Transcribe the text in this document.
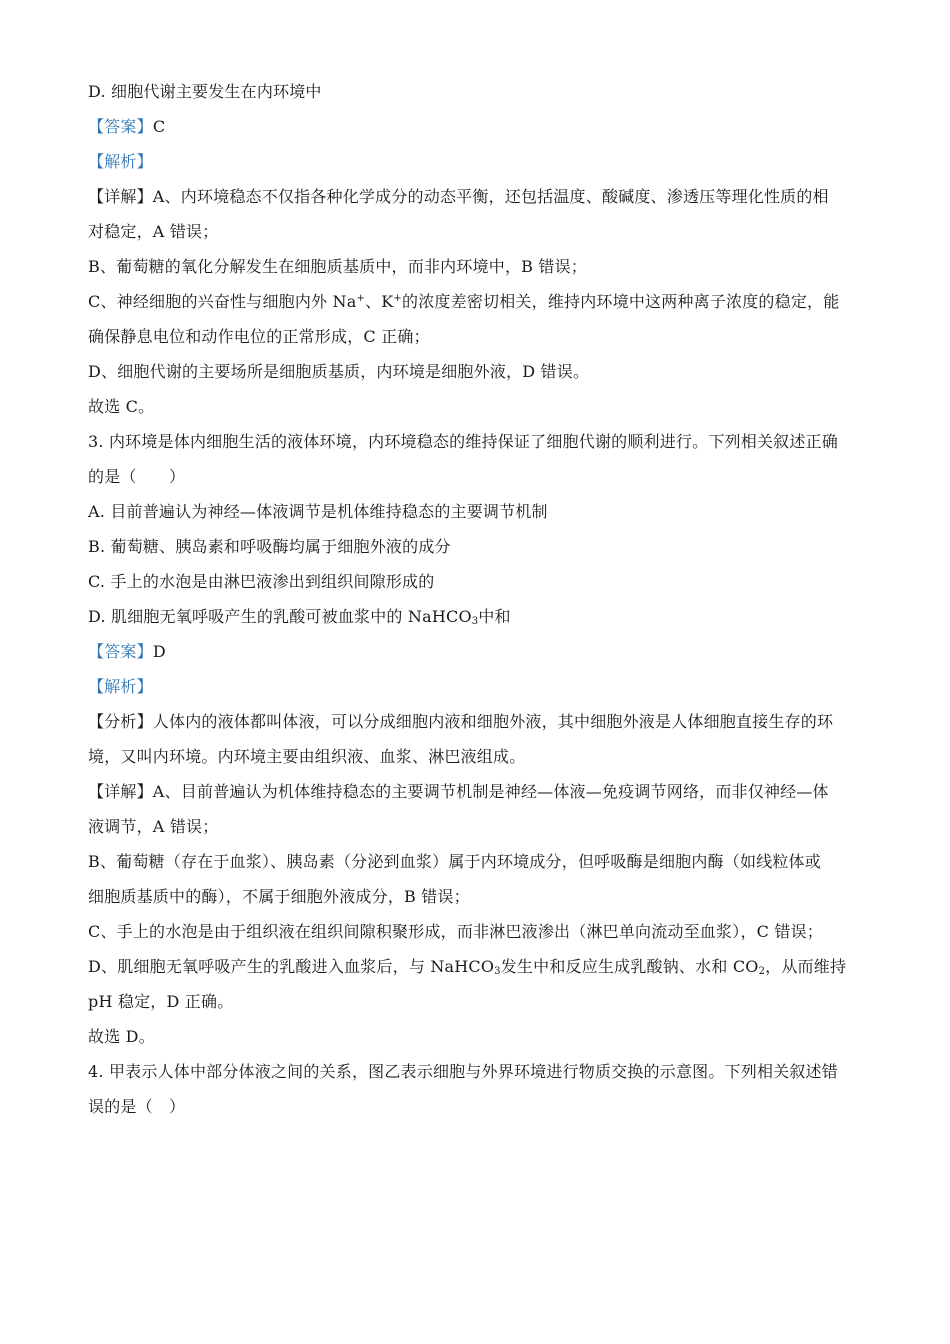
D. 细胞代谢主要发生在内环境中
【答案】C
【解析】
【详解】A、内环境稳态不仅指各种化学成分的动态平衡，还包括温度、酸碱度、渗透压等理化性质的相
对稳定，A 错误；
B、葡萄糖的氧化分解发生在细胞质基质中，而非内环境中，B 错误；
C、神经细胞的兴奋性与细胞内外 Na+、K+的浓度差密切相关，维持内环境中这两种离子浓度的稳定，能
确保静息电位和动作电位的正常形成，C 正确；
D、细胞代谢的主要场所是细胞质基质，内环境是细胞外液，D 错误。
故选 C。
3. 内环境是体内细胞生活的液体环境，内环境稳态的维持保证了细胞代谢的顺利进行。下列相关叙述正确
的是（　　）
A. 目前普遍认为神经—体液调节是机体维持稳态的主要调节机制
B. 葡萄糖、胰岛素和呼吸酶均属于细胞外液的成分
C. 手上的水泡是由淋巴液渗出到组织间隙形成的
D. 肌细胞无氧呼吸产生的乳酸可被血浆中的 NaHCO$_3$中和
【答案】D
【解析】
【分析】人体内的液体都叫体液，可以分成细胞内液和细胞外液，其中细胞外液是人体细胞直接生存的环
境，又叫内环境。内环境主要由组织液、血浆、淋巴液组成。
【详解】A、目前普遍认为机体维持稳态的主要调节机制是神经—体液—免疫调节网络，而非仅神经—体
液调节，A 错误；
B、葡萄糖（存在于血浆）、胰岛素（分泌到血浆）属于内环境成分，但呼吸酶是细胞内酶（如线粒体或
细胞质基质中的酶），不属于细胞外液成分，B 错误；
C、手上的水泡是由于组织液在组织间隙积聚形成，而非淋巴液渗出（淋巴单向流动至血浆），C 错误；
D、肌细胞无氧呼吸产生的乳酸进入血浆后，与 NaHCO$_3$发生中和反应生成乳酸钠、水和 $CO_2$，从而维持
pH 稳定，D 正确。
故选 D。
4. 甲表示人体中部分体液之间的关系，图乙表示细胞与外界环境进行物质交换的示意图。下列相关叙述错
误的是（　）
